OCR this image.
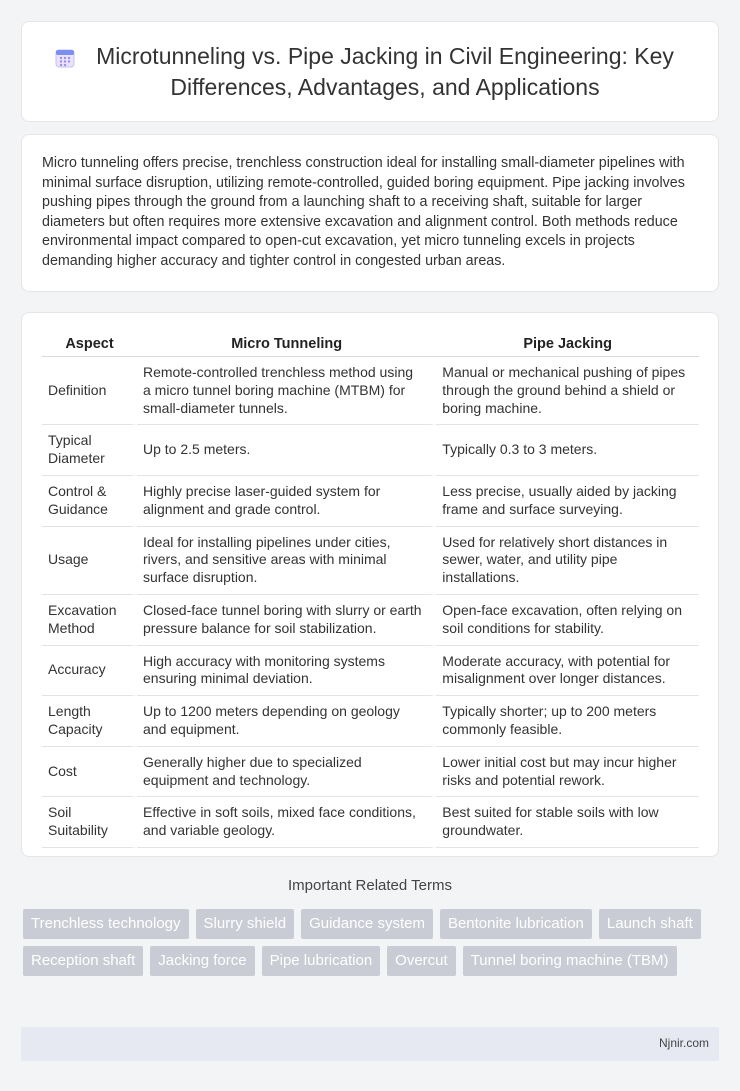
Microtunneling vs. Pipe Jacking in Civil Engineering: Key Differences, Advantages, and Applications

Micro tunneling offers precise, trenchless construction ideal for installing small-diameter pipelines with minimal surface disruption, utilizing remote-controlled, guided boring equipment. Pipe jacking involves pushing pipes through the ground from a launching shaft to a receiving shaft, suitable for larger diameters but often requires more extensive excavation and alignment control. Both methods reduce environmental impact compared to open-cut excavation, yet micro tunneling excels in projects demanding higher accuracy and tighter control in congested urban areas.

Aspect	Micro Tunneling	Pipe Jacking
Definition	Remote-controlled trenchless method using a micro tunnel boring machine (MTBM) for small-diameter tunnels.	Manual or mechanical pushing of pipes through the ground behind a shield or boring machine.
Typical Diameter	Up to 2.5 meters.	Typically 0.3 to 3 meters.
Control & Guidance	Highly precise laser-guided system for alignment and grade control.	Less precise, usually aided by jacking frame and surface surveying.
Usage	Ideal for installing pipelines under cities, rivers, and sensitive areas with minimal surface disruption.	Used for relatively short distances in sewer, water, and utility pipe installations.
Excavation Method	Closed-face tunnel boring with slurry or earth pressure balance for soil stabilization.	Open-face excavation, often relying on soil conditions for stability.
Accuracy	High accuracy with monitoring systems ensuring minimal deviation.	Moderate accuracy, with potential for misalignment over longer distances.
Length Capacity	Up to 1200 meters depending on geology and equipment.	Typically shorter; up to 200 meters commonly feasible.
Cost	Generally higher due to specialized equipment and technology.	Lower initial cost but may incur higher risks and potential rework.
Soil Suitability	Effective in soft soils, mixed face conditions, and variable geology.	Best suited for stable soils with low groundwater.
Important Related Terms
Trenchless technology	Slurry shield	Guidance system	Bentonite lubrication	Launch shaft
Reception shaft	Jacking force	Pipe lubrication	Overcut	Tunnel boring machine (TBM)
Njnir.com
